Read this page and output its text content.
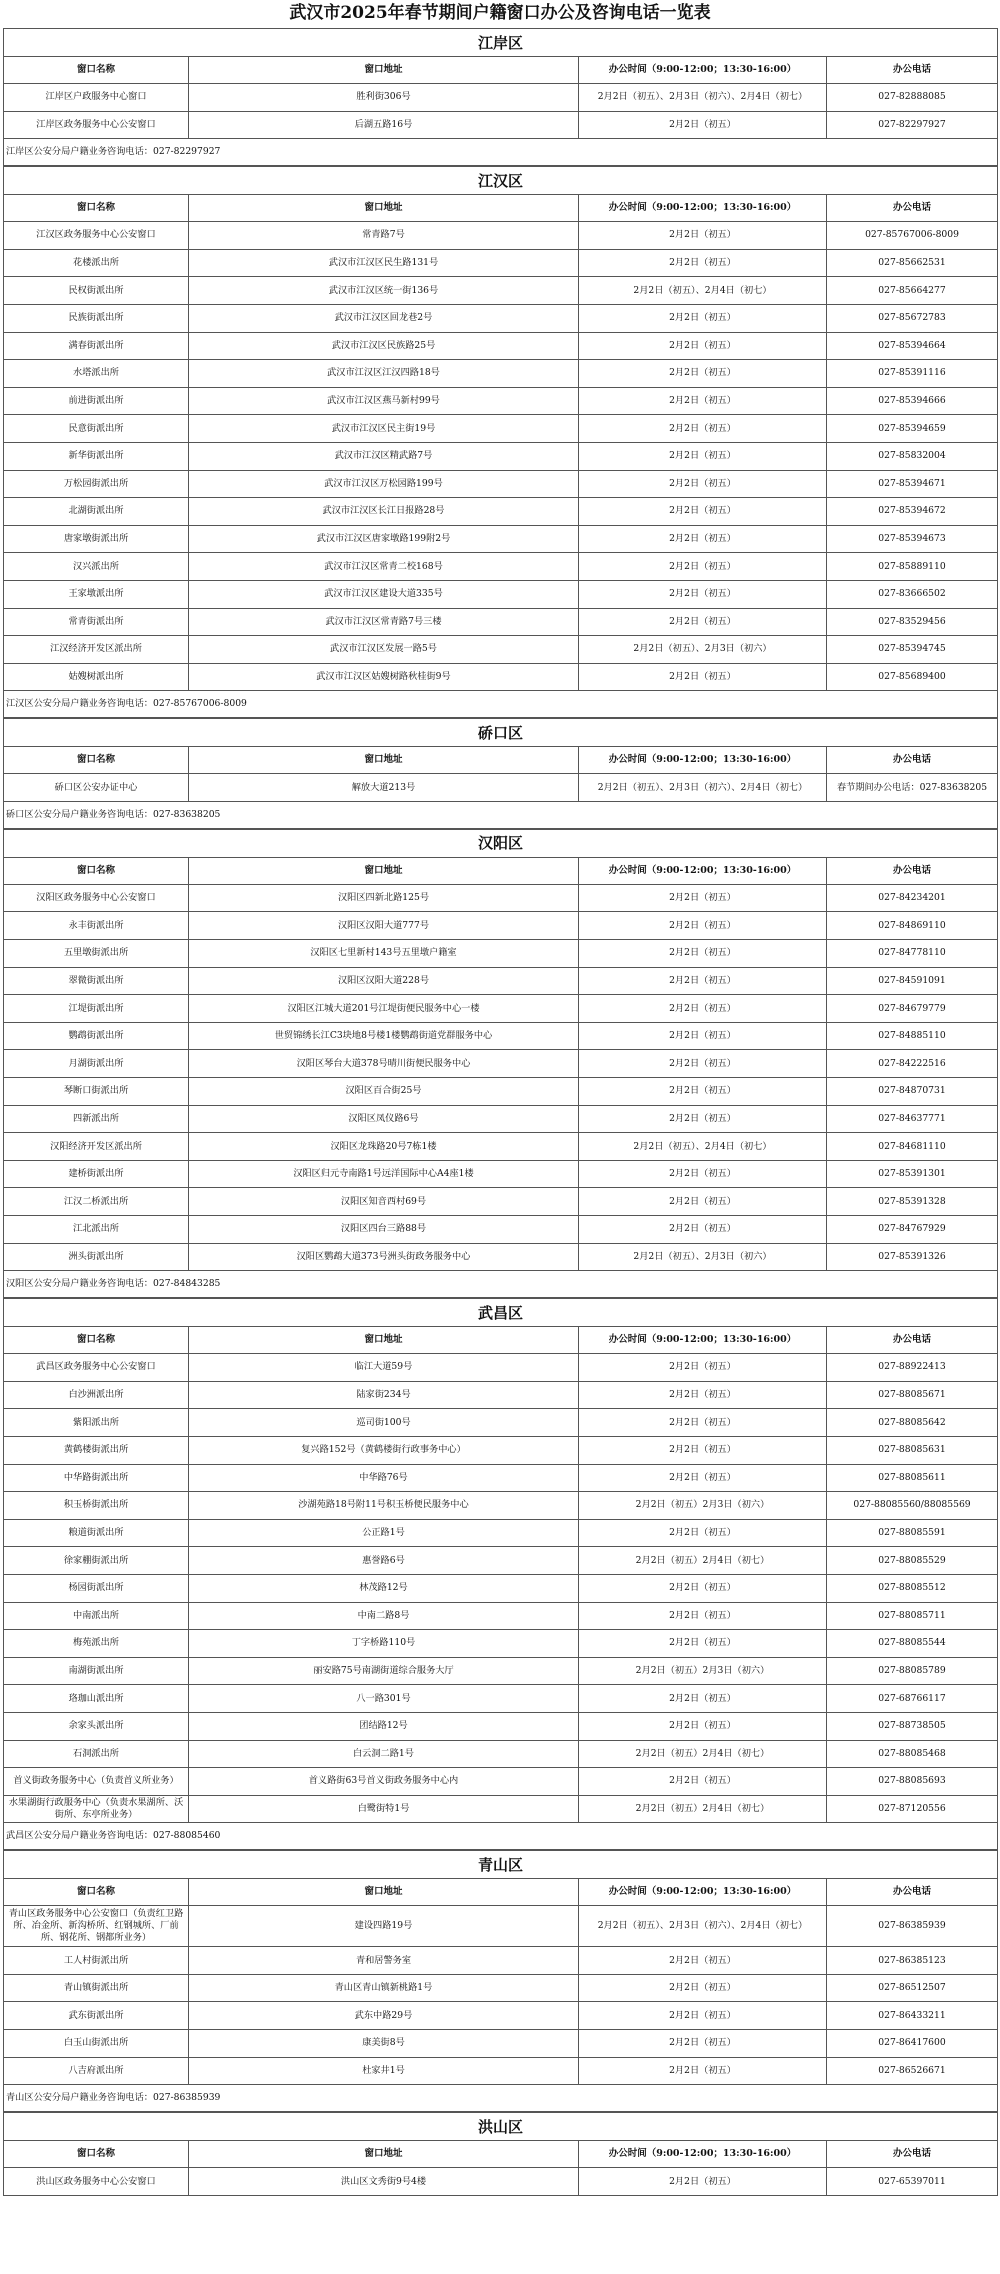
武汉市2025年春节期间户籍窗口办公及咨询电话一览表
江岸区			
窗口名称	窗口地址	办公时间（9:00-12:00；13:30-16:00）	办公电话
江岸区户政服务中心窗口	胜利街306号	2月2日（初五）、2月3日（初六）、2月4日（初七）	027-82888085
江岸区政务服务中心公安窗口	后湖五路16号	2月2日（初五）	027-82297927
江岸区公安分局户籍业务咨询电话：027-82297927			
江汉区			
窗口名称	窗口地址	办公时间（9:00-12:00；13:30-16:00）	办公电话
江汉区政务服务中心公安窗口	常青路7号	2月2日（初五）	027-85767006-8009
花楼派出所	武汉市江汉区民生路131号	2月2日（初五）	027-85662531
民权街派出所	武汉市江汉区统一街136号	2月2日（初五）、2月4日（初七）	027-85664277
民族街派出所	武汉市江汉区回龙巷2号	2月2日（初五）	027-85672783
满春街派出所	武汉市江汉区民族路25号	2月2日（初五）	027-85394664
水塔派出所	武汉市江汉区江汉四路18号	2月2日（初五）	027-85391116
前进街派出所	武汉市江汉区燕马新村99号	2月2日（初五）	027-85394666
民意街派出所	武汉市江汉区民主街19号	2月2日（初五）	027-85394659
新华街派出所	武汉市江汉区精武路7号	2月2日（初五）	027-85832004
万松园街派出所	武汉市江汉区万松园路199号	2月2日（初五）	027-85394671
北湖街派出所	武汉市江汉区长江日报路28号	2月2日（初五）	027-85394672
唐家墩街派出所	武汉市江汉区唐家墩路199附2号	2月2日（初五）	027-85394673
汉兴派出所	武汉市江汉区常青二校168号	2月2日（初五）	027-85889110
王家墩派出所	武汉市江汉区建设大道335号	2月2日（初五）	027-83666502
常青街派出所	武汉市江汉区常青路7号三楼	2月2日（初五）	027-83529456
江汉经济开发区派出所	武汉市江汉区发展一路5号	2月2日（初五）、2月3日（初六）	027-85394745
姑嫂树派出所	武汉市江汉区姑嫂树路秋桂街9号	2月2日（初五）	027-85689400
江汉区公安分局户籍业务咨询电话：027-85767006-8009			
硚口区			
窗口名称	窗口地址	办公时间（9:00-12:00；13:30-16:00）	办公电话
硚口区公安办证中心	解放大道213号	2月2日（初五）、2月3日（初六）、2月4日（初七）	春节期间办公电话：027-83638205
硚口区公安分局户籍业务咨询电话：027-83638205			
汉阳区			
窗口名称	窗口地址	办公时间（9:00-12:00；13:30-16:00）	办公电话
汉阳区政务服务中心公安窗口	汉阳区四新北路125号	2月2日（初五）	027-84234201
永丰街派出所	汉阳区汉阳大道777号	2月2日（初五）	027-84869110
五里墩街派出所	汉阳区七里新村143号五里墩户籍室	2月2日（初五）	027-84778110
翠微街派出所	汉阳区汉阳大道228号	2月2日（初五）	027-84591091
江堤街派出所	汉阳区江城大道201号江堤街便民服务中心一楼	2月2日（初五）	027-84679779
鹦鹉街派出所	世贸锦绣长江C3块地8号楼1楼鹦鹉街道党群服务中心	2月2日（初五）	027-84885110
月湖街派出所	汉阳区琴台大道378号晴川街便民服务中心	2月2日（初五）	027-84222516
琴断口街派出所	汉阳区百合街25号	2月2日（初五）	027-84870731
四新派出所	汉阳区凤仪路6号	2月2日（初五）	027-84637771
汉阳经济开发区派出所	汉阳区龙珠路20号7栋1楼	2月2日（初五）、2月4日（初七）	027-84681110
建桥街派出所	汉阳区归元寺南路1号远洋国际中心A4座1楼	2月2日（初五）	027-85391301
江汉二桥派出所	汉阳区知音西村69号	2月2日（初五）	027-85391328
江北派出所	汉阳区四台三路88号	2月2日（初五）	027-84767929
洲头街派出所	汉阳区鹦鹉大道373号洲头街政务服务中心	2月2日（初五）、2月3日（初六）	027-85391326
汉阳区公安分局户籍业务咨询电话：027-84843285			
武昌区			
窗口名称	窗口地址	办公时间（9:00-12:00；13:30-16:00）	办公电话
武昌区政务服务中心公安窗口	临江大道59号	2月2日（初五）	027-88922413
白沙洲派出所	陆家街234号	2月2日（初五）	027-88085671
紫阳派出所	巡司街100号	2月2日（初五）	027-88085642
黄鹤楼街派出所	复兴路152号（黄鹤楼街行政事务中心）	2月2日（初五）	027-88085631
中华路街派出所	中华路76号	2月2日（初五）	027-88085611
积玉桥街派出所	沙湖苑路18号附11号积玉桥便民服务中心	2月2日（初五）2月3日（初六）	027-88085560/88085569
粮道街派出所	公正路1号	2月2日（初五）	027-88085591
徐家棚街派出所	惠誉路6号	2月2日（初五）2月4日（初七）	027-88085529
杨园街派出所	林茂路12号	2月2日（初五）	027-88085512
中南派出所	中南二路8号	2月2日（初五）	027-88085711
梅苑派出所	丁字桥路110号	2月2日（初五）	027-88085544
南湖街派出所	丽安路75号南湖街道综合服务大厅	2月2日（初五）2月3日（初六）	027-88085789
珞珈山派出所	八一路301号	2月2日（初五）	027-68766117
余家头派出所	团结路12号	2月2日（初五）	027-88738505
石洞派出所	白云洞二路1号	2月2日（初五）2月4日（初七）	027-88085468
首义街政务服务中心（负责首义所业务）	首义路街63号首义街政务服务中心内	2月2日（初五）	027-88085693
水果湖街行政服务中心（负责水果湖所、沃街所、东亭所业务）	白鹭街特1号	2月2日（初五）2月4日（初七）	027-87120556
武昌区公安分局户籍业务咨询电话：027-88085460			
青山区			
窗口名称	窗口地址	办公时间（9:00-12:00；13:30-16:00）	办公电话
青山区政务服务中心公安窗口（负责红卫路所、冶金所、新沟桥所、红钢城所、厂前所、钢花所、钢都所业务）	建设四路19号	2月2日（初五）、2月3日（初六）、2月4日（初七）	027-86385939
工人村街派出所	青和居警务室	2月2日（初五）	027-86385123
青山镇街派出所	青山区青山镇新桃路1号	2月2日（初五）	027-86512507
武东街派出所	武东中路29号	2月2日（初五）	027-86433211
白玉山街派出所	康美街8号	2月2日（初五）	027-86417600
八吉府派出所	杜家井1号	2月2日（初五）	027-86526671
青山区公安分局户籍业务咨询电话：027-86385939			
洪山区			
窗口名称	窗口地址	办公时间（9:00-12:00；13:30-16:00）	办公电话
洪山区政务服务中心公安窗口	洪山区文秀街9号4楼	2月2日（初五）	027-65397011
